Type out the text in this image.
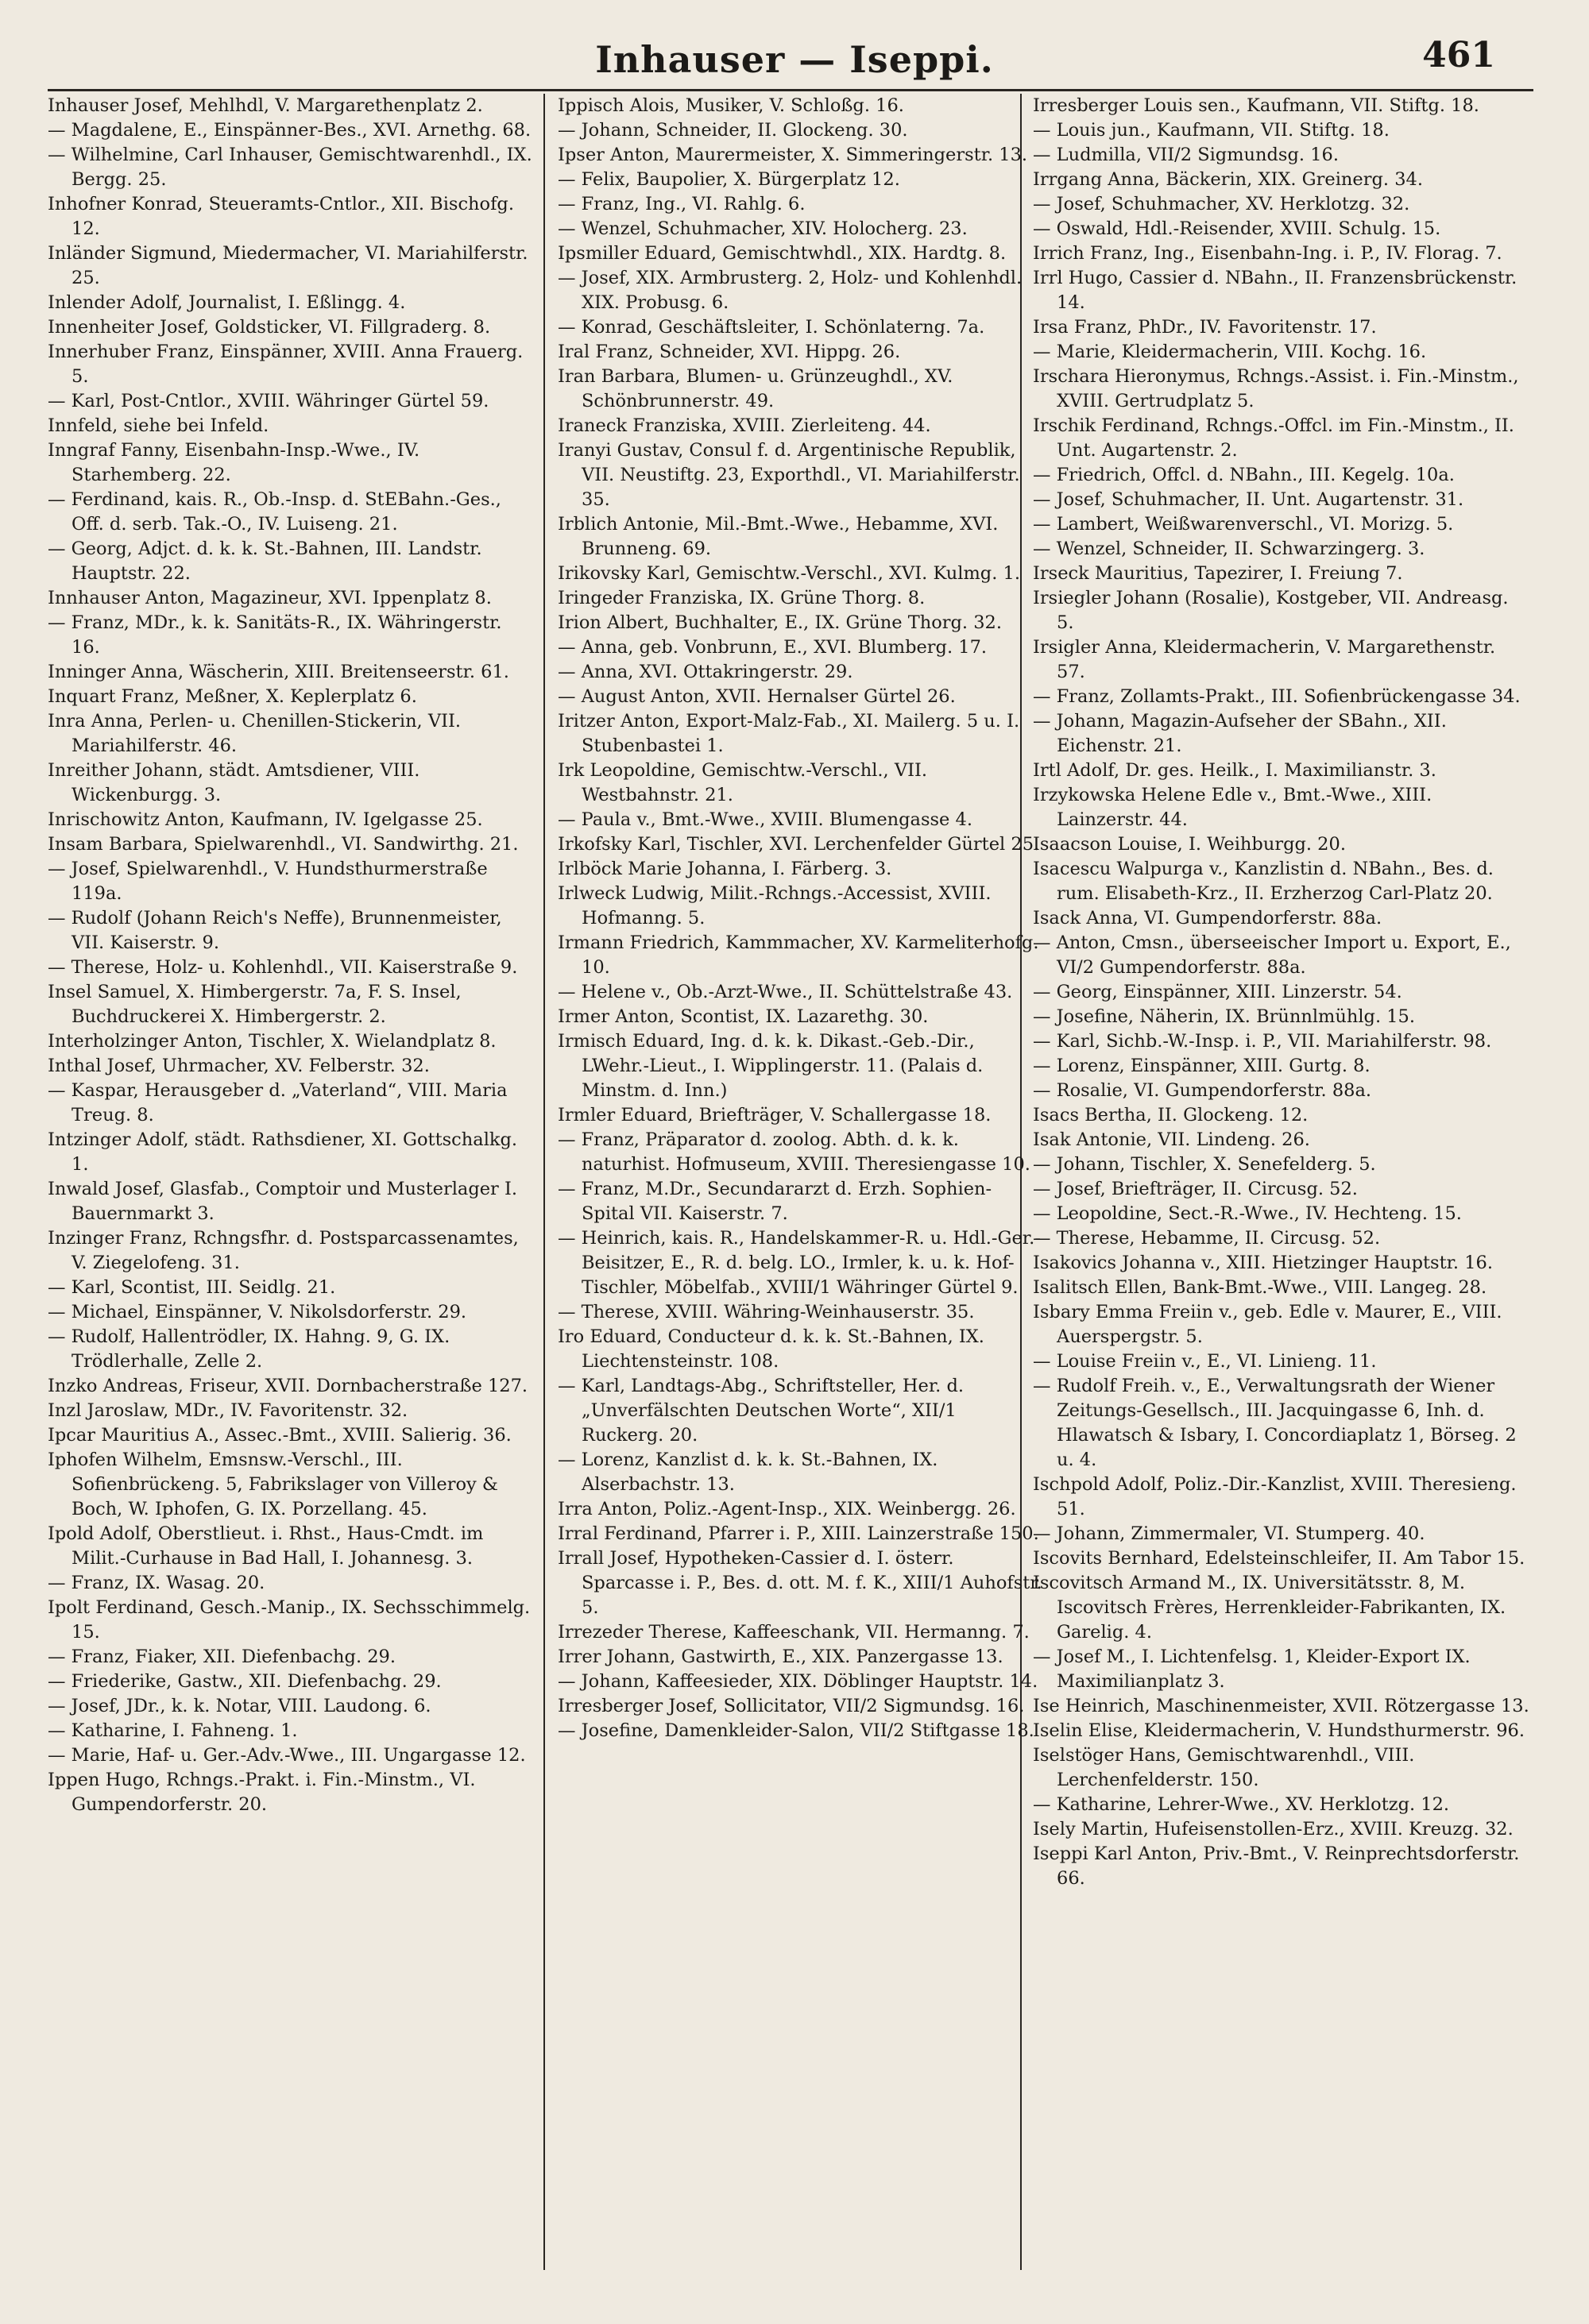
Inhauser — Iseppi.	461
Inhauser Josef, Mehlhdl, V. Margarethenplatz 2.
— Magdalene, E., Einspänner-Bes., XVI. Arnethg. 68.
— Wilhelmine, Carl Inhauser, Gemischtwarenhdl., IX. Bergg. 25.
Inhofner Konrad, Steueramts-Cntlor., XII. Bischofg. 12.
Inländer Sigmund, Miedermacher, VI. Mariahilferstr. 25.
Inlender Adolf, Journalist, I. Eßlingg. 4.
Innenheiter Josef, Goldsticker, VI. Fillgraderg. 8.
Innerhuber Franz, Einspänner, XVIII. Anna Frauerg. 5.
— Karl, Post-Cntlor., XVIII. Währinger Gürtel 59.
Innfeld, siehe bei Infeld.
Inngraf Fanny, Eisenbahn-Insp.-Wwe., IV. Starhemberg. 22.
— Ferdinand, kais. R., Ob.-Insp. d. StEBahn.-Ges., Off. d. serb. Tak.-O., IV. Luiseng. 21.
— Georg, Adjct. d. k. k. St.-Bahnen, III. Landstr. Hauptstr. 22.
Innhauser Anton, Magazineur, XVI. Ippenplatz 8.
— Franz, MDr., k. k. Sanitäts-R., IX. Währingerstr. 16.
Inninger Anna, Wäscherin, XIII. Breitenseerstr. 61.
Inquart Franz, Meßner, X. Keplerplatz 6.
Inra Anna, Perlen- u. Chenillen-Stickerin, VII. Mariahilferstr. 46.
Inreither Johann, städt. Amtsdiener, VIII. Wickenburgg. 3.
Inrischowitz Anton, Kaufmann, IV. Igelgasse 25.
Insam Barbara, Spielwarenhdl., VI. Sandwirthg. 21.
— Josef, Spielwarenhdl., V. Hundsthurmerstraße 119a.
— Rudolf (Johann Reich's Neffe), Brunnenmeister, VII. Kaiserstr. 9.
— Therese, Holz- u. Kohlenhdl., VII. Kaiserstraße 9.
Insel Samuel, X. Himbergerstr. 7a, F. S. Insel, Buchdruckerei X. Himbergerstr. 2.
Interholzinger Anton, Tischler, X. Wielandplatz 8.
Inthal Josef, Uhrmacher, XV. Felberstr. 32.
— Kaspar, Herausgeber d. „Vaterland“, VIII. Maria Treug. 8.
Intzinger Adolf, städt. Rathsdiener, XI. Gottschalkg. 1.
Inwald Josef, Glasfab., Comptoir und Musterlager I. Bauernmarkt 3.
Inzinger Franz, Rchngsfhr. d. Postsparcassenamtes, V. Ziegelofeng. 31.
— Karl, Scontist, III. Seidlg. 21.
— Michael, Einspänner, V. Nikolsdorferstr. 29.
— Rudolf, Hallentrödler, IX. Hahng. 9, G. IX. Trödlerhalle, Zelle 2.
Inzko Andreas, Friseur, XVII. Dornbacherstraße 127.
Inzl Jaroslaw, MDr., IV. Favoritenstr. 32.
Ipcar Mauritius A., Assec.-Bmt., XVIII. Salierig. 36.
Iphofen Wilhelm, Emsnsw.-Verschl., III. Sofienbrückeng. 5, Fabrikslager von Villeroy & Boch, W. Iphofen, G. IX. Porzellang. 45.
Ipold Adolf, Oberstlieut. i. Rhst., Haus-Cmdt. im Milit.-Curhause in Bad Hall, I. Johannesg. 3.
— Franz, IX. Wasag. 20.
Ipolt Ferdinand, Gesch.-Manip., IX. Sechsschimmelg. 15.
— Franz, Fiaker, XII. Diefenbachg. 29.
— Friederike, Gastw., XII. Diefenbachg. 29.
— Josef, JDr., k. k. Notar, VIII. Laudong. 6.
— Katharine, I. Fahneng. 1.
— Marie, Haf- u. Ger.-Adv.-Wwe., III. Ungargasse 12.
Ippen Hugo, Rchngs.-Prakt. i. Fin.-Minstm., VI. Gumpendorferstr. 20.
Ippisch Alois, Musiker, V. Schloßg. 16.
— Johann, Schneider, II. Glockeng. 30.
Ipser Anton, Maurermeister, X. Simmeringerstr. 13.
— Felix, Baupolier, X. Bürgerplatz 12.
— Franz, Ing., VI. Rahlg. 6.
— Wenzel, Schuhmacher, XIV. Holocherg. 23.
Ipsmiller Eduard, Gemischtwhdl., XIX. Hardtg. 8.
— Josef, XIX. Armbrusterg. 2, Holz- und Kohlenhdl. XIX. Probusg. 6.
— Konrad, Geschäftsleiter, I. Schönlaterng. 7a.
Iral Franz, Schneider, XVI. Hippg. 26.
Iran Barbara, Blumen- u. Grünzeughdl., XV. Schönbrunnerstr. 49.
Iraneck Franziska, XVIII. Zierleiteng. 44.
Iranyi Gustav, Consul f. d. Argentinische Republik, VII. Neustiftg. 23, Exporthdl., VI. Mariahilferstr. 35.
Irblich Antonie, Mil.-Bmt.-Wwe., Hebamme, XVI. Brunneng. 69.
Irikovsky Karl, Gemischtw.-Verschl., XVI. Kulmg. 1.
Iringeder Franziska, IX. Grüne Thorg. 8.
Irion Albert, Buchhalter, E., IX. Grüne Thorg. 32.
— Anna, geb. Vonbrunn, E., XVI. Blumberg. 17.
— Anna, XVI. Ottakringerstr. 29.
— August Anton, XVII. Hernalser Gürtel 26.
Iritzer Anton, Export-Malz-Fab., XI. Mailerg. 5 u. I. Stubenbastei 1.
Irk Leopoldine, Gemischtw.-Verschl., VII. Westbahnstr. 21.
— Paula v., Bmt.-Wwe., XVIII. Blumengasse 4.
Irkofsky Karl, Tischler, XVI. Lerchenfelder Gürtel 25.
Irlböck Marie Johanna, I. Färberg. 3.
Irlweck Ludwig, Milit.-Rchngs.-Accessist, XVIII. Hofmanng. 5.
Irmann Friedrich, Kammmacher, XV. Karmeliterhofg. 10.
— Helene v., Ob.-Arzt-Wwe., II. Schüttelstraße 43.
Irmer Anton, Scontist, IX. Lazarethg. 30.
Irmisch Eduard, Ing. d. k. k. Dikast.-Geb.-Dir., LWehr.-Lieut., I. Wipplingerstr. 11. (Palais d. Minstm. d. Inn.)
Irmler Eduard, Briefträger, V. Schallergasse 18.
— Franz, Präparator d. zoolog. Abth. d. k. k. naturhist. Hofmuseum, XVIII. Theresiengasse 10.
— Franz, M.Dr., Secundararzt d. Erzh. Sophien-Spital VII. Kaiserstr. 7.
— Heinrich, kais. R., Handelskammer-R. u. Hdl.-Ger.-Beisitzer, E., R. d. belg. LO., Irmler, k. u. k. Hof-Tischler, Möbelfab., XVIII/1 Währinger Gürtel 9.
— Therese, XVIII. Währing-Weinhauserstr. 35.
Iro Eduard, Conducteur d. k. k. St.-Bahnen, IX. Liechtensteinstr. 108.
— Karl, Landtags-Abg., Schriftsteller, Her. d. „Unverfälschten Deutschen Worte“, XII/1 Ruckerg. 20.
— Lorenz, Kanzlist d. k. k. St.-Bahnen, IX. Alserbachstr. 13.
Irra Anton, Poliz.-Agent-Insp., XIX. Weinbergg. 26.
Irral Ferdinand, Pfarrer i. P., XIII. Lainzerstraße 150.
Irrall Josef, Hypotheken-Cassier d. I. österr. Sparcasse i. P., Bes. d. ott. M. f. K., XIII/1 Auhofstr. 5.
Irrezeder Therese, Kaffeeschank, VII. Hermanng. 7.
Irrer Johann, Gastwirth, E., XIX. Panzergasse 13.
— Johann, Kaffeesieder, XIX. Döblinger Hauptstr. 14.
Irresberger Josef, Sollicitator, VII/2 Sigmundsg. 16.
— Josefine, Damenkleider-Salon, VII/2 Stiftgasse 18.
Irresberger Louis sen., Kaufmann, VII. Stiftg. 18.
— Louis jun., Kaufmann, VII. Stiftg. 18.
— Ludmilla, VII/2 Sigmundsg. 16.
Irrgang Anna, Bäckerin, XIX. Greinerg. 34.
— Josef, Schuhmacher, XV. Herklotzg. 32.
— Oswald, Hdl.-Reisender, XVIII. Schulg. 15.
Irrich Franz, Ing., Eisenbahn-Ing. i. P., IV. Florag. 7.
Irrl Hugo, Cassier d. NBahn., II. Franzensbrückenstr. 14.
Irsa Franz, PhDr., IV. Favoritenstr. 17.
— Marie, Kleidermacherin, VIII. Kochg. 16.
Irschara Hieronymus, Rchngs.-Assist. i. Fin.-Minstm., XVIII. Gertrudplatz 5.
Irschik Ferdinand, Rchngs.-Offcl. im Fin.-Minstm., II. Unt. Augartenstr. 2.
— Friedrich, Offcl. d. NBahn., III. Kegelg. 10a.
— Josef, Schuhmacher, II. Unt. Augartenstr. 31.
— Lambert, Weißwarenverschl., VI. Morizg. 5.
— Wenzel, Schneider, II. Schwarzingerg. 3.
Irseck Mauritius, Tapezirer, I. Freiung 7.
Irsiegler Johann (Rosalie), Kostgeber, VII. Andreasg. 5.
Irsigler Anna, Kleidermacherin, V. Margarethenstr. 57.
— Franz, Zollamts-Prakt., III. Sofienbrückengasse 34.
— Johann, Magazin-Aufseher der SBahn., XII. Eichenstr. 21.
Irtl Adolf, Dr. ges. Heilk., I. Maximilianstr. 3.
Irzykowska Helene Edle v., Bmt.-Wwe., XIII. Lainzerstr. 44.
Isaacson Louise, I. Weihburgg. 20.
Isacescu Walpurga v., Kanzlistin d. NBahn., Bes. d. rum. Elisabeth-Krz., II. Erzherzog Carl-Platz 20.
Isack Anna, VI. Gumpendorferstr. 88a.
— Anton, Cmsn., überseeischer Import u. Export, E., VI/2 Gumpendorferstr. 88a.
— Georg, Einspänner, XIII. Linzerstr. 54.
— Josefine, Näherin, IX. Brünnlmühlg. 15.
— Karl, Sichb.-W.-Insp. i. P., VII. Mariahilferstr. 98.
— Lorenz, Einspänner, XIII. Gurtg. 8.
— Rosalie, VI. Gumpendorferstr. 88a.
Isacs Bertha, II. Glockeng. 12.
Isak Antonie, VII. Lindeng. 26.
— Johann, Tischler, X. Senefelderg. 5.
— Josef, Briefträger, II. Circusg. 52.
— Leopoldine, Sect.-R.-Wwe., IV. Hechteng. 15.
— Therese, Hebamme, II. Circusg. 52.
Isakovics Johanna v., XIII. Hietzinger Hauptstr. 16.
Isalitsch Ellen, Bank-Bmt.-Wwe., VIII. Langeg. 28.
Isbary Emma Freiin v., geb. Edle v. Maurer, E., VIII. Auerspergstr. 5.
— Louise Freiin v., E., VI. Linieng. 11.
— Rudolf Freih. v., E., Verwaltungsrath der Wiener Zeitungs-Gesellsch., III. Jacquingasse 6, Inh. d. Hlawatsch & Isbary, I. Concordiaplatz 1, Börseg. 2 u. 4.
Ischpold Adolf, Poliz.-Dir.-Kanzlist, XVIII. Theresieng. 51.
— Johann, Zimmermaler, VI. Stumperg. 40.
Iscovits Bernhard, Edelsteinschleifer, II. Am Tabor 15.
Iscovitsch Armand M., IX. Universitätsstr. 8, M. Iscovitsch Frères, Herrenkleider-Fabrikanten, IX. Garelig. 4.
— Josef M., I. Lichtenfelsg. 1, Kleider-Export IX. Maximilianplatz 3.
Ise Heinrich, Maschinenmeister, XVII. Rötzergasse 13.
Iselin Elise, Kleidermacherin, V. Hundsthurmerstr. 96.
Iselstöger Hans, Gemischtwarenhdl., VIII. Lerchenfelderstr. 150.
— Katharine, Lehrer-Wwe., XV. Herklotzg. 12.
Isely Martin, Hufeisenstollen-Erz., XVIII. Kreuzg. 32.
Iseppi Karl Anton, Priv.-Bmt., V. Reinprechtsdorferstr. 66.
